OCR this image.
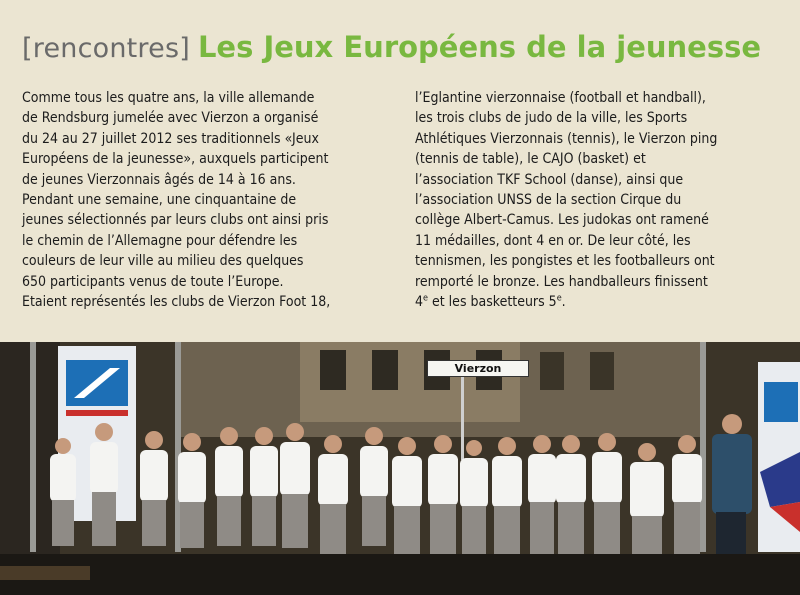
[rencontres] Les Jeux Européens de la jeunesse
Comme tous les quatre ans, la ville allemande
de Rendsburg jumelée avec Vierzon a organisé
du 24 au 27 juillet 2012 ses traditionnels «Jeux
Européens de la jeunesse», auxquels participent
de jeunes Vierzonnais âgés de 14 à 16 ans.
Pendant une semaine, une cinquantaine de
jeunes sélectionnés par leurs clubs ont ainsi pris
le chemin de l’Allemagne pour défendre les
couleurs de leur ville au milieu des quelques
650 participants venus de toute l’Europe.
Etaient représentés les clubs de Vierzon Foot 18,
l’Eglantine vierzonnaise (football et handball),
les trois clubs de judo de la ville, les Sports
Athlétiques Vierzonnais (tennis), le Vierzon ping
(tennis de table), le CAJO (basket) et
l’association TKF School (danse), ainsi que
l’association UNSS de la section Cirque du
collège Albert-Camus. Les judokas ont ramené
11 médailles, dont 4 en or. De leur côté, les
tennismen, les pongistes et les footballeurs ont
remporté le bronze. Les handballeurs finissent
4e et les basketteurs 5e.
Vierzon
